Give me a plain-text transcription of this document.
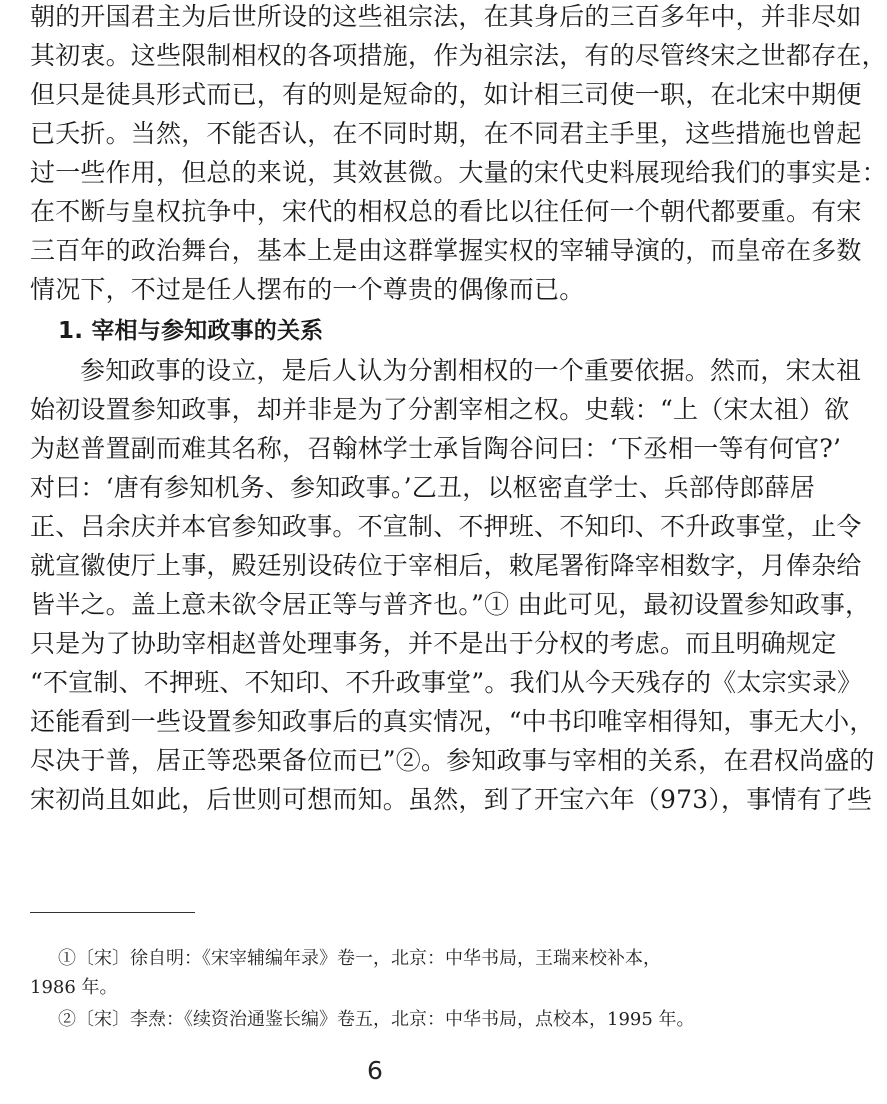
朝的开国君主为后世所设的这些祖宗法，在其身后的三百多年中，并非尽如
其初衷。这些限制相权的各项措施，作为祖宗法，有的尽管终宋之世都存在，
但只是徒具形式而已，有的则是短命的，如计相三司使一职，在北宋中期便
已夭折。当然，不能否认，在不同时期，在不同君主手里，这些措施也曾起
过一些作用，但总的来说，其效甚微。大量的宋代史料展现给我们的事实是：
在不断与皇权抗争中，宋代的相权总的看比以往任何一个朝代都要重。有宋
三百年的政治舞台，基本上是由这群掌握实权的宰辅导演的，而皇帝在多数
情况下，不过是任人摆布的一个尊贵的偶像而已。
1. 宰相与参知政事的关系
参知政事的设立，是后人认为分割相权的一个重要依据。然而，宋太祖
始初设置参知政事，却并非是为了分割宰相之权。史载：“上（宋太祖）欲
为赵普置副而难其名称，召翰林学士承旨陶谷问曰：‘下丞相一等有何官?’
对曰：‘唐有参知机务、参知政事。’乙丑，以枢密直学士、兵部侍郎薛居
正、吕余庆并本官参知政事。不宣制、不押班、不知印、不升政事堂，止令
就宣徽使厅上事，殿廷别设砖位于宰相后，敕尾署衔降宰相数字，月俸杂给
皆半之。盖上意未欲令居正等与普齐也。”① 由此可见，最初设置参知政事，
只是为了协助宰相赵普处理事务，并不是出于分权的考虑。而且明确规定
“不宣制、不押班、不知印、不升政事堂”。我们从今天残存的《太宗实录》
还能看到一些设置参知政事后的真实情况，“中书印唯宰相得知，事无大小，
尽决于普，居正等恐栗备位而已”②。参知政事与宰相的关系，在君权尚盛的
宋初尚且如此，后世则可想而知。虽然，到了开宝六年（973），事情有了些
①〔宋〕徐自明：《宋宰辅编年录》卷一，北京：中华书局，王瑞来校补本，
1986 年。
②〔宋〕李焘：《续资治通鉴长编》卷五，北京：中华书局，点校本，1995 年。
6
